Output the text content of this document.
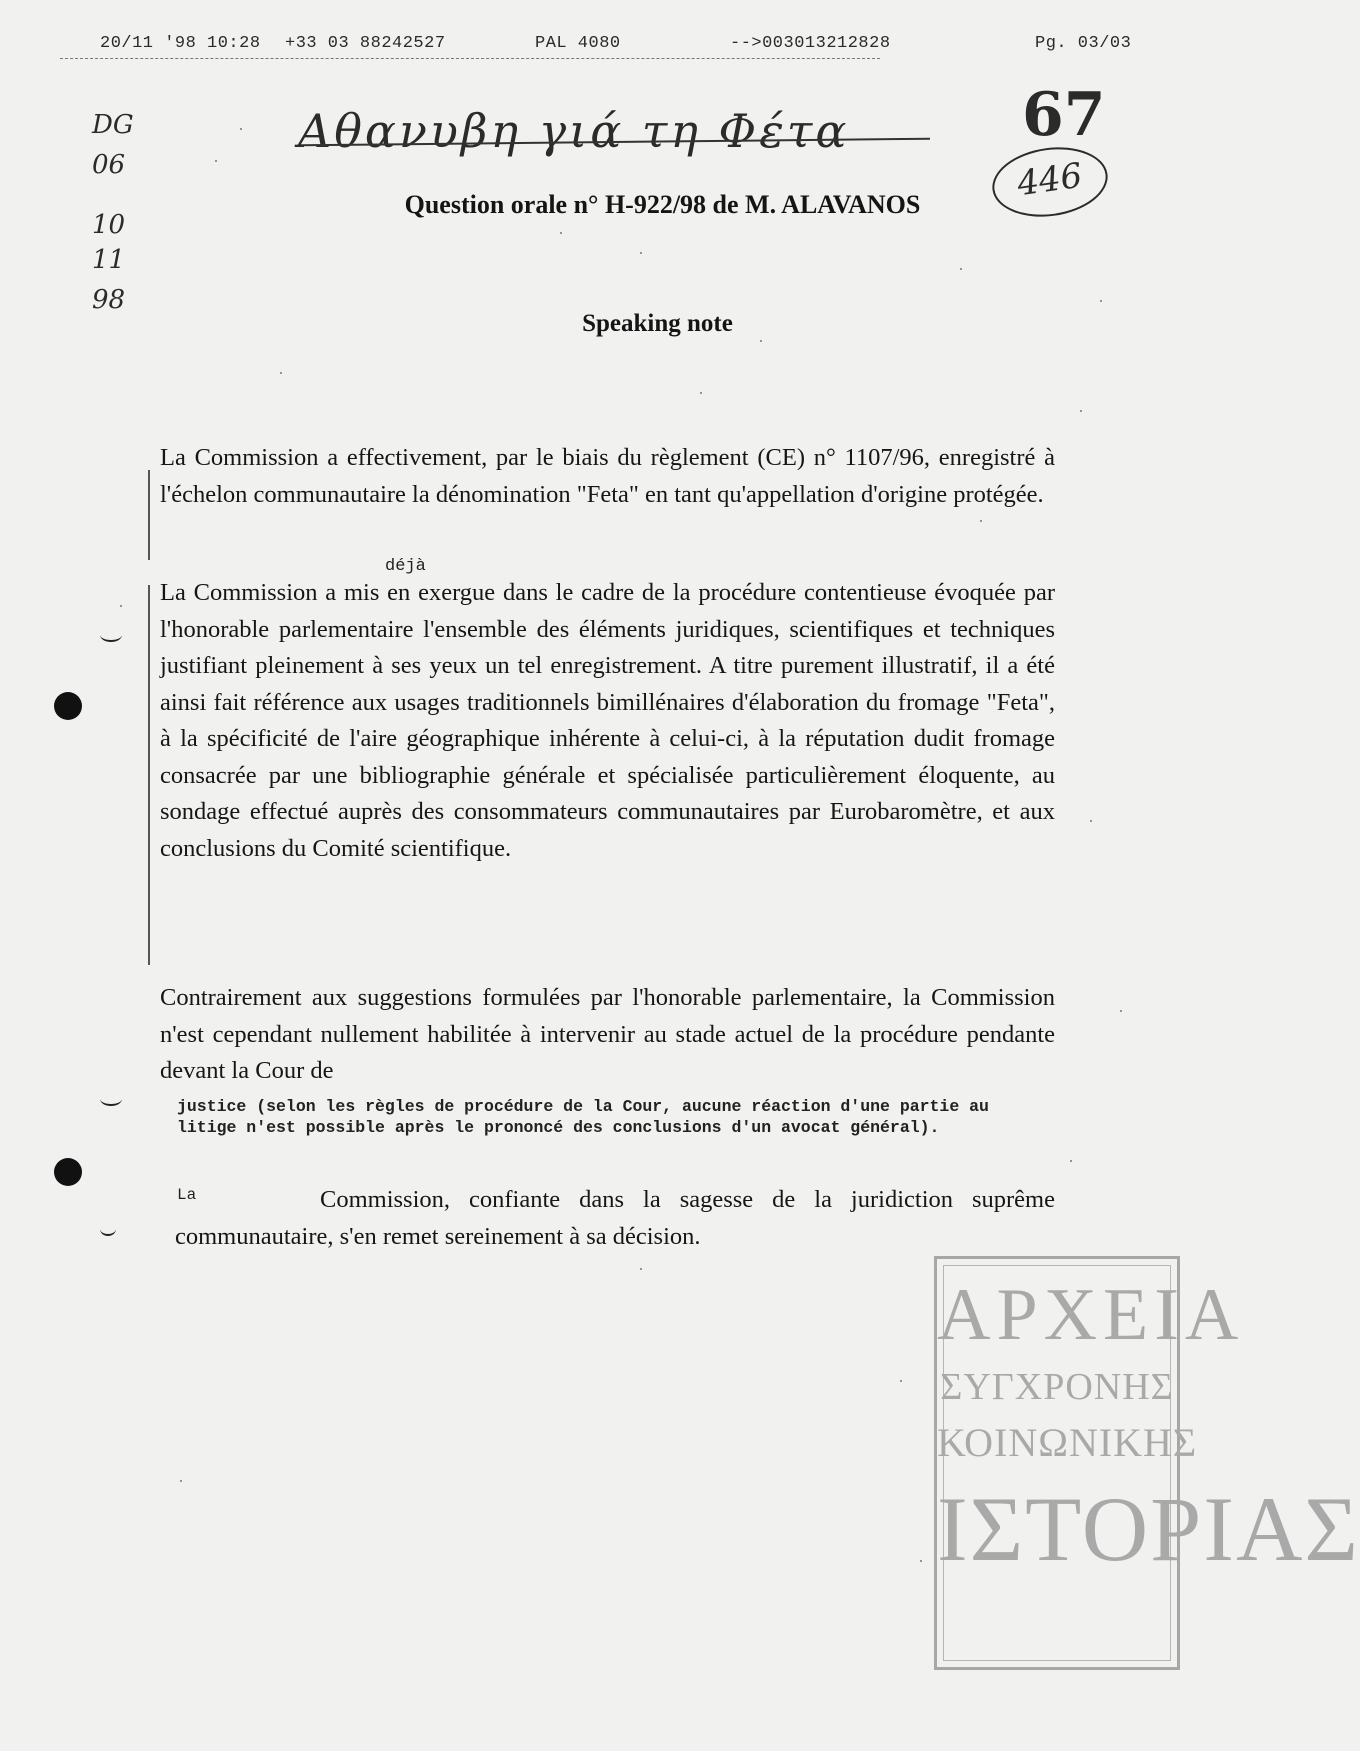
20/11 '98 10:28 +33 03 88242527	PAL 4080	-->003013212828	Pg. 03/03
Αθανυβη γιά τη Φέτα	67
446
DG
06
10
11
98
Question orale n° H-922/98 de M. ALAVANOS
Speaking note
La Commission a effectivement, par le biais du règlement (CE) n° 1107/96, enregistré à l'échelon communautaire la dénomination "Feta" en tant qu'appellation d'origine protégée.
déjà
La Commission a mis en exergue dans le cadre de la procédure contentieuse évoquée par l'honorable parlementaire l'ensemble des éléments juridiques, scientifiques et techniques justifiant pleinement à ses yeux un tel enregistrement. A titre purement illustratif, il a été ainsi fait référence aux usages traditionnels bimillénaires d'élaboration du fromage "Feta", à la spécificité de l'aire géographique inhérente à celui-ci, à la réputation dudit fromage consacrée par une bibliographie générale et spécialisée particulièrement éloquente, au sondage effectué auprès des consommateurs communautaires par Eurobaromètre, et aux conclusions du Comité scientifique.
Contrairement aux suggestions formulées par l'honorable parlementaire, la Commission n'est cependant nullement habilitée à intervenir au stade actuel de la procédure pendante devant la Cour de
justice (selon les règles de procédure de la Cour, aucune réaction d'une partie au litige n'est possible après le prononcé des conclusions d'un avocat général).
La	Commission, confiante dans la sagesse de la juridiction suprême communautaire, s'en remet sereinement à sa décision.
ΑΡΧΕΙΑ
ΣΥΓΧΡΟΝΗΣ
ΚΟΙΝΩΝΙΚΗΣ
ΙΣΤΟΡΙΑΣ
